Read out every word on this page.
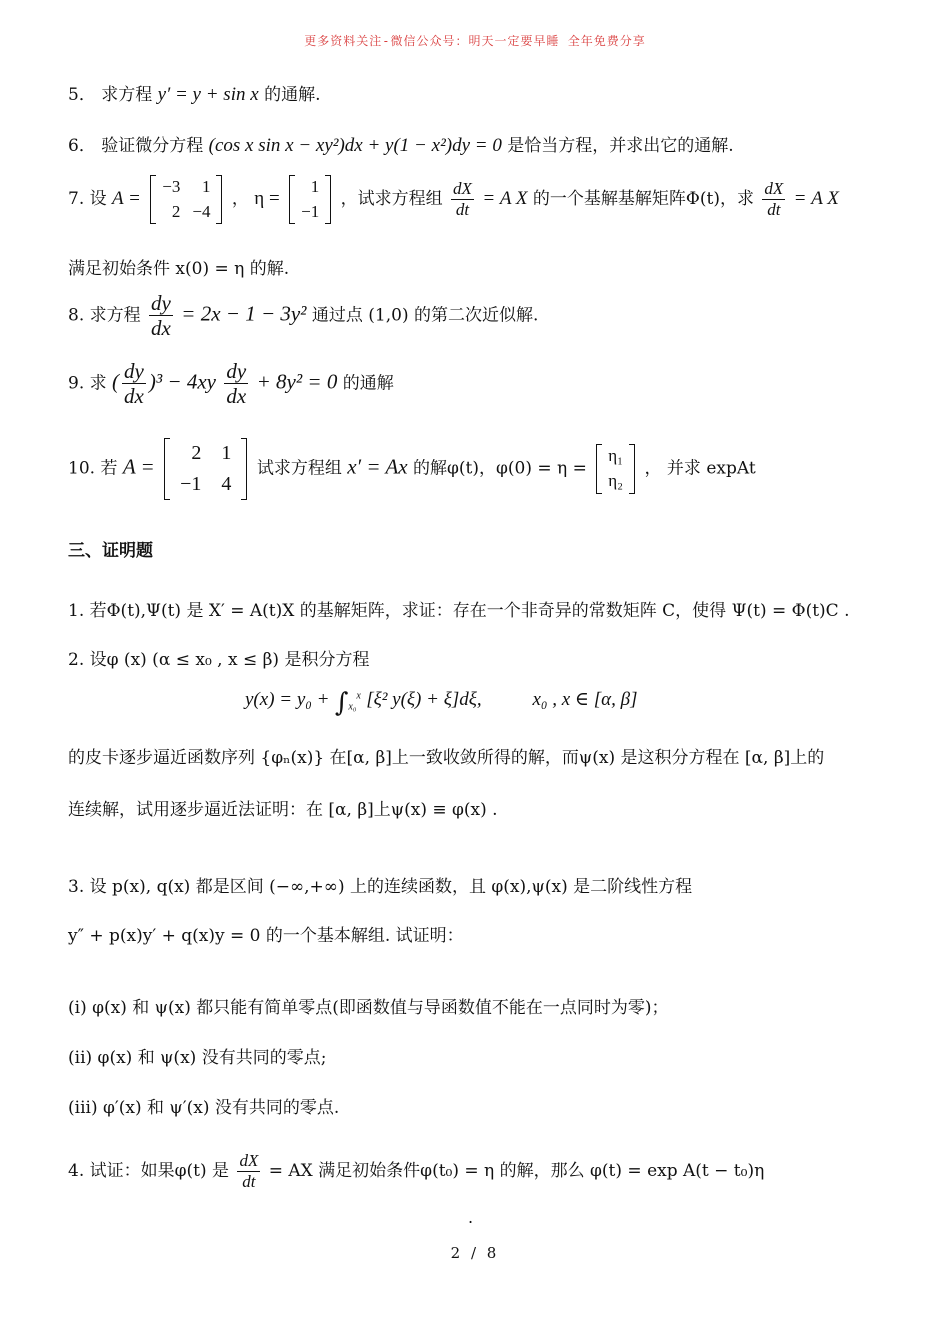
更多资料关注-微信公众号：明天一定要早睡 全年免费分享
5． 求方程 y′ = y + sin x 的通解.
6． 验证微分方程 (cos x sin x − xy²)dx + y(1 − x²)dy = 0 是恰当方程，并求出它的通解.
7. 设 A =
−3	1
2	−4
， η =
1
−1
，试求方程组 $\frac{dX}{dt} = A$ X 的一个基解基解矩阵Φ(t)，求 $\frac{dX}{dt} = A$ X
满足初始条件 x(0) = η 的解.
8. 求方程 $\frac{dy}{dx} = 2x - 1 - 3y^2$ 通过点 (1,0) 的第二次近似解.
9. 求 ( $\frac{dy}{dx} )^3 - 4xy \frac{dy}{dx} + 8y^2 = 0$ 的通解
10. 若 A =
2	1
−1	4
试求方程组 x′ = Ax 的解φ(t)，φ(0) = η =
η₁
η₂
， 并求 expAt
三、证明题
1. 若Φ(t),Ψ(t) 是 X′ = A(t)X 的基解矩阵，求证：存在一个非奇异的常数矩阵 C，使得 Ψ(t) = Φ(t)C .
2. 设φ (x) (α ≤ x₀ , x ≤ β) 是积分方程
$y(x) = y_0 + \int_{x_0}^x$ [ξ² y(ξ) + ξ]dξ,	x₀ , x ∈ [α, β]
的皮卡逐步逼近函数序列 {φₙ(x)} 在[α, β]上一致收敛所得的解，而ψ(x) 是这积分方程在 [α, β]上的
连续解，试用逐步逼近法证明：在 [α, β]上ψ(x) ≡ φ(x) .
3. 设 p(x), q(x) 都是区间 (−∞,+∞) 上的连续函数，且 φ(x),ψ(x) 是二阶线性方程
y″ + p(x)y′ + q(x)y = 0 的一个基本解组. 试证明：
(i) φ(x) 和 ψ(x) 都只能有简单零点(即函数值与导函数值不能在一点同时为零)；
(ii) φ(x) 和 ψ(x) 没有共同的零点;
(iii) φ′(x) 和 ψ′(x) 没有共同的零点.
4. 试证：如果φ(t) 是 $\frac{dX}{dt}$ = AX 满足初始条件φ(t₀) = η 的解，那么 φ(t) = exp A(t − t₀)η
.
2 / 8
